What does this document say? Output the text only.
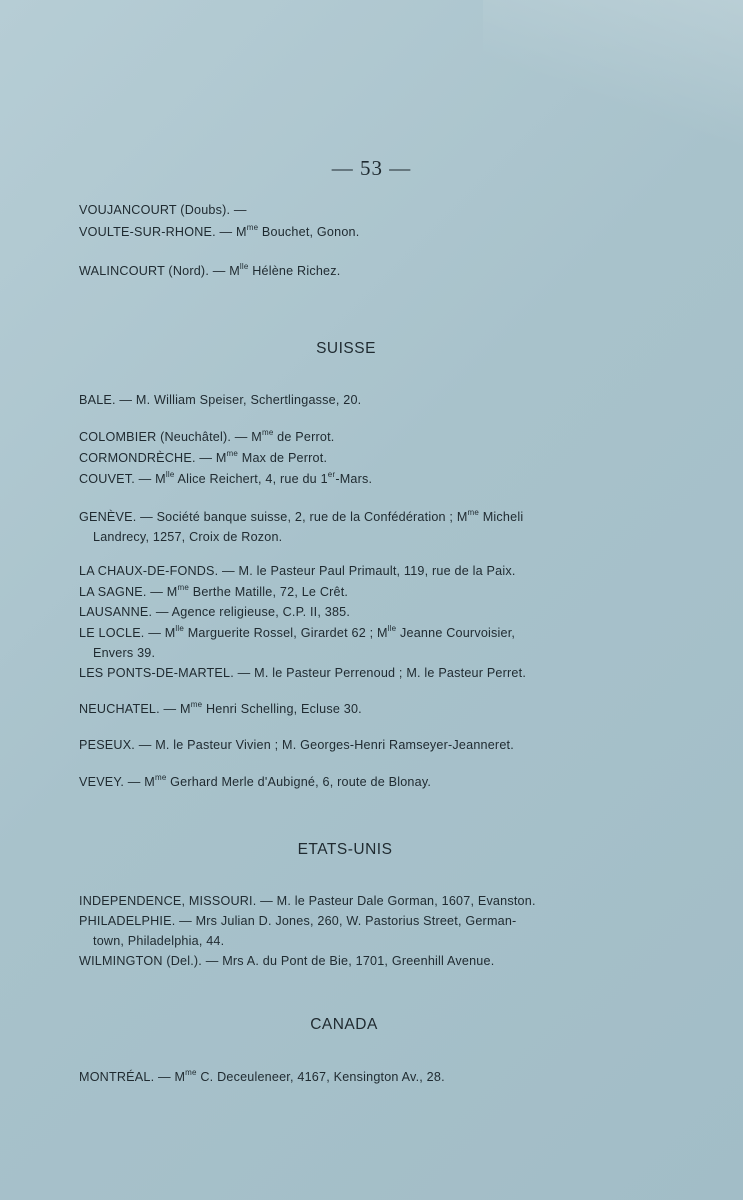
— 53 —
VOUJANCOURT (Doubs). —
VOULTE-SUR-RHONE. — $M^{me}$ Bouchet, Gonon.
WALINCOURT (Nord). — $M^{lle}$ Hélène Richez.
SUISSE
BALE. — M. William Speiser, Schertlingasse, 20.
COLOMBIER (Neuchâtel). — $M^{me}$ de Perrot.
CORMONDRÈCHE. — $M^{me}$ Max de Perrot.
COUVET. — $M^{lle}$ Alice Reichert, 4, rue du 1er-Mars.
GENÈVE. — Société banque suisse, 2, rue de la Confédération ; $M^{me}$ Micheli
Landrecy, 1257, Croix de Rozon.
LA CHAUX-DE-FONDS. — M. le Pasteur Paul Primault, 119, rue de la Paix.
LA SAGNE. — $M^{me}$ Berthe Matille, 72, Le Crêt.
LAUSANNE. — Agence religieuse, C.P. II, 385.
LE LOCLE. — $M^{lle}$ Marguerite Rossel, Girardet 62 ; $M^{lle}$ Jeanne Courvoisier,
Envers 39.
LES PONTS-DE-MARTEL. — M. le Pasteur Perrenoud ; M. le Pasteur Perret.
NEUCHATEL. — $M^{me}$ Henri Schelling, Ecluse 30.
PESEUX. — M. le Pasteur Vivien ; M. Georges-Henri Ramseyer-Jeanneret.
VEVEY. — $M^{me}$ Gerhard Merle d'Aubigné, 6, route de Blonay.
ETATS-UNIS
INDEPENDENCE, MISSOURI. — M. le Pasteur Dale Gorman, 1607, Evanston.
PHILADELPHIE. — Mrs Julian D. Jones, 260, W. Pastorius Street, German-
town, Philadelphia, 44.
WILMINGTON (Del.). — Mrs A. du Pont de Bie, 1701, Greenhill Avenue.
CANADA
MONTRÉAL. — $M^{me}$ C. Deceuleneer, 4167, Kensington Av., 28.
